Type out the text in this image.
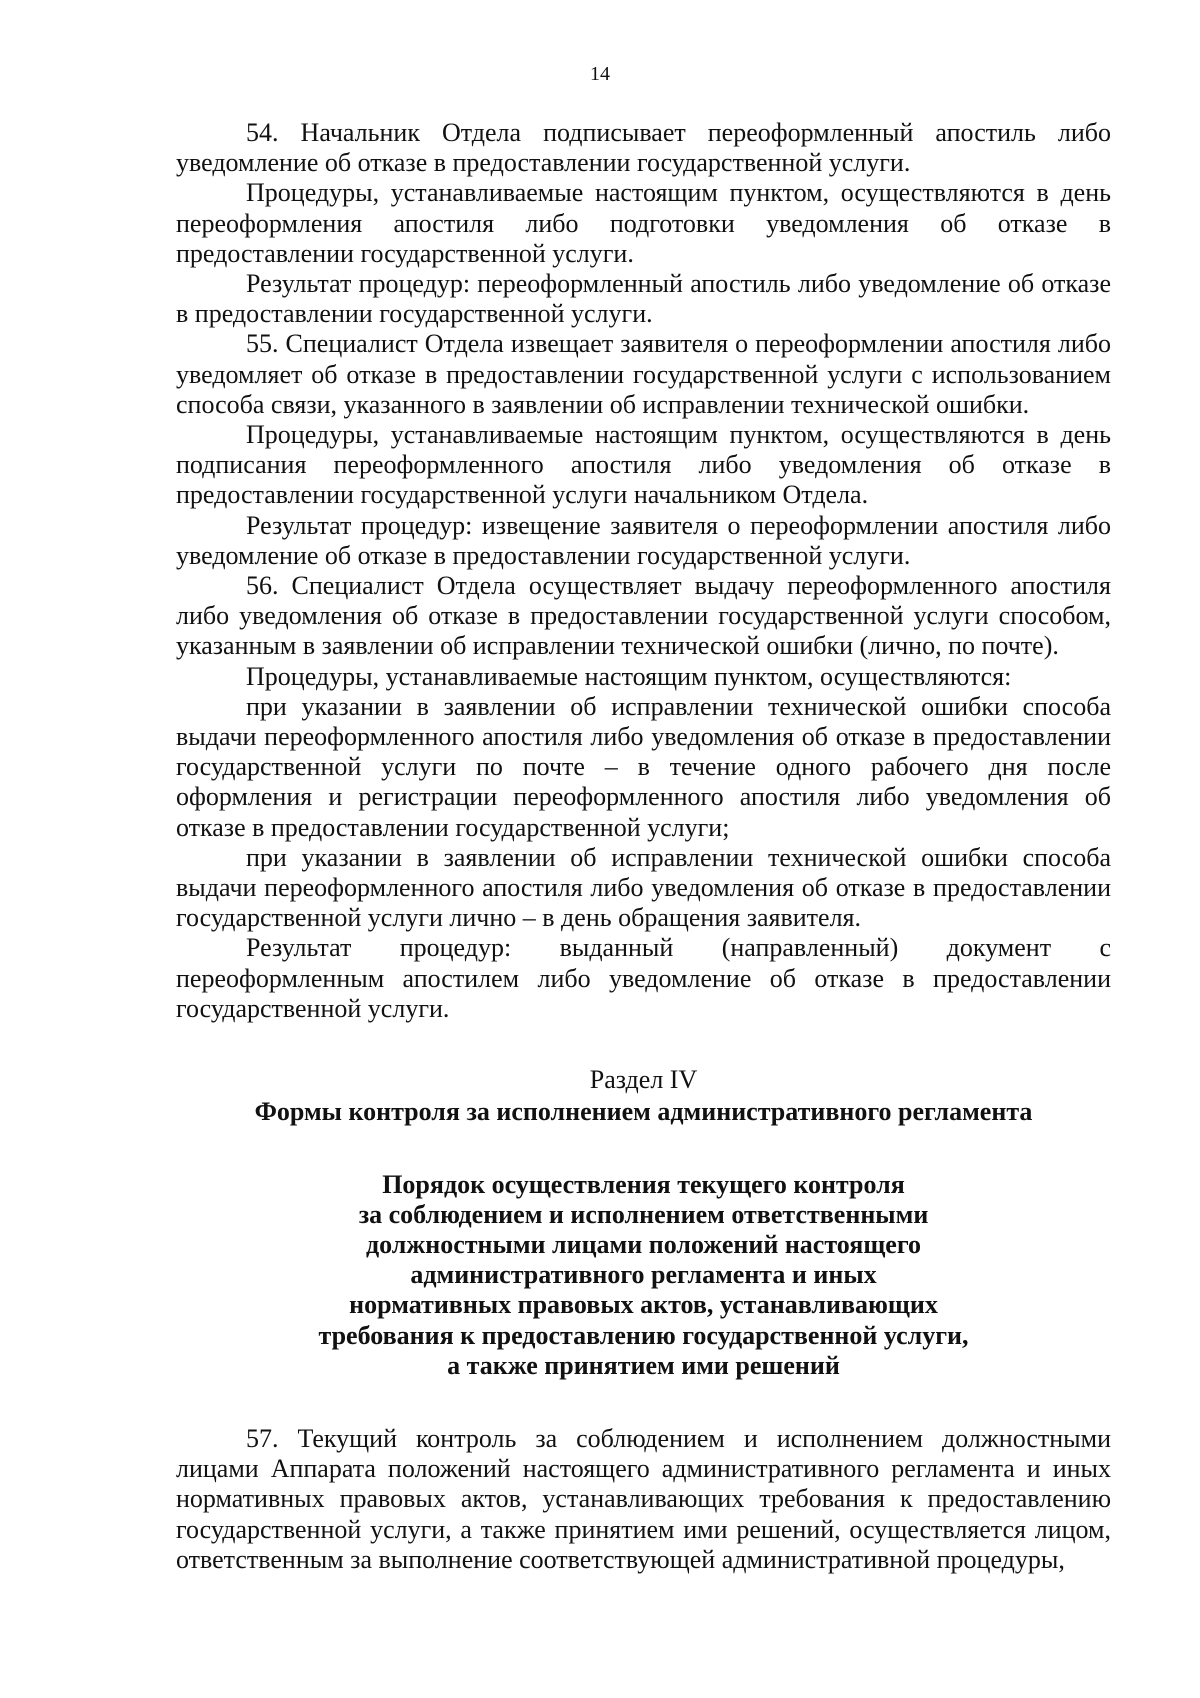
14

54. Начальник Отдела подписывает переоформленный апостиль либо уведомление об отказе в предоставлении государственной услуги.

Процедуры, устанавливаемые настоящим пунктом, осуществляются в день переоформления апостиля либо подготовки уведомления об отказе в предоставлении государственной услуги.

Результат процедур: переоформленный апостиль либо уведомление об отказе в предоставлении государственной услуги.

55. Специалист Отдела извещает заявителя о переоформлении апостиля либо уведомляет об отказе в предоставлении государственной услуги с использованием способа связи, указанного в заявлении об исправлении технической ошибки.

Процедуры, устанавливаемые настоящим пунктом, осуществляются в день подписания переоформленного апостиля либо уведомления об отказе в предоставлении государственной услуги начальником Отдела.

Результат процедур: извещение заявителя о переоформлении апостиля либо уведомление об отказе в предоставлении государственной услуги.

56. Специалист Отдела осуществляет выдачу переоформленного апостиля либо уведомления об отказе в предоставлении государственной услуги способом, указанным в заявлении об исправлении технической ошибки (лично, по почте).

Процедуры, устанавливаемые настоящим пунктом, осуществляются:

при указании в заявлении об исправлении технической ошибки способа выдачи переоформленного апостиля либо уведомления об отказе в предоставлении государственной услуги по почте – в течение одного рабочего дня после оформления и регистрации переоформленного апостиля либо уведомления об отказе в предоставлении государственной услуги;

при указании в заявлении об исправлении технической ошибки способа выдачи переоформленного апостиля либо уведомления об отказе в предоставлении государственной услуги лично – в день обращения заявителя.

Результат процедур: выданный (направленный) документ с переоформленным апостилем либо уведомление об отказе в предоставлении государственной услуги.

Раздел IV
Формы контроля за исполнением административного регламента
Порядок осуществления текущего контроля
за соблюдением и исполнением ответственными
должностными лицами положений настоящего
административного регламента и иных
нормативных правовых актов, устанавливающих
требования к предоставлению государственной услуги,
а также принятием ими решений

57. Текущий контроль за соблюдением и исполнением должностными лицами Аппарата положений настоящего административного регламента и иных нормативных правовых актов, устанавливающих требования к предоставлению государственной услуги, а также принятием ими решений, осуществляется лицом, ответственным за выполнение соответствующей административной процедуры,
